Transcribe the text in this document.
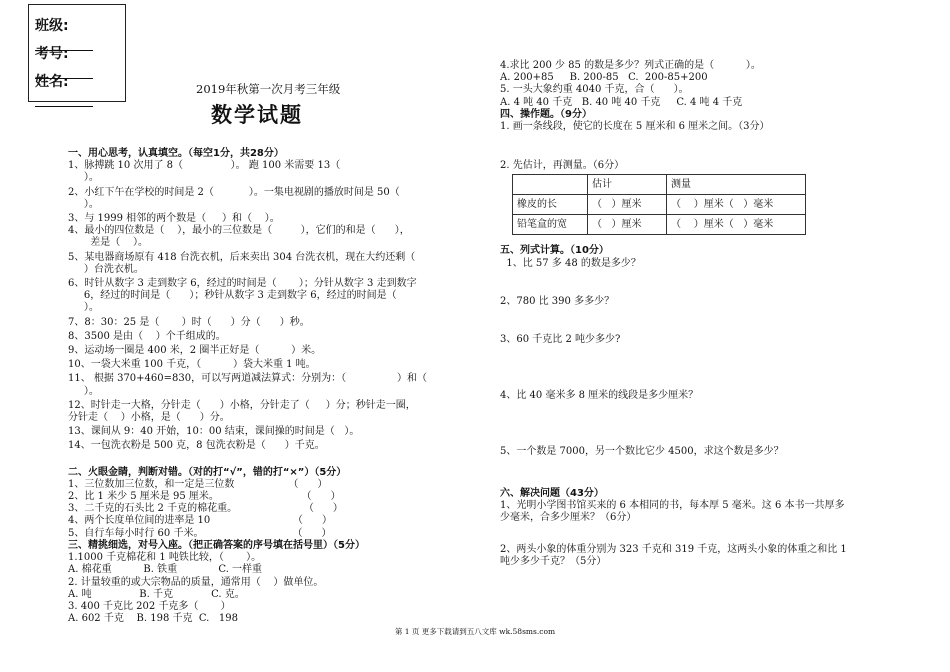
班级:
考号:
姓名:	2019年秋第一次月考三年级
数学试题

一、用心思考，认真填空。（每空1分，共28分）

1、脉搏跳 10 次用了 8（               ）。 跑 100 米需要 13（

）。

2、小红下午在学校的时间是 2（           ）。一集电视剧的播放时间是 50（

）。

3、与 1999 相邻的两个数是（     ）和（    ）。

4、最小的四位数是（    ），最小的三位数是（         ），它们的和是（      ），

差是（    ）。

5、某电器商场原有 418 台洗衣机，后来卖出 304 台洗衣机，现在大约还剩（

）台洗衣机。

6、时针从数字 3 走到数字 6，经过的时间是（       ）；分针从数字 3 走到数字

6，经过的时间是（      ）；秒针从数字 3 走到数字 6，经过的时间是（

）。

7、8：30：25 是（       ）时（      ）分（      ）秒。

8、3500 是由（    ）个千组成的。

9、运动场一圈是 400 米，2 圈半正好是（          ）米。

10、一袋大米重 100 千克，（          ）袋大米重 1 吨。

11、 根据 370+460=830，可以写两道减法算式：分别为：（                ）和（

）。

12、时针走一大格，分针走（      ）小格，分针走了（     ）分；秒针走一圈，

分针走（    ）小格，是（      ）分。

13、课间从 9：40 开始，10：00 结束，课间操的时间是（   ）。

14、一包洗衣粉是 500 克，8 包洗衣粉是（      ）千克。

二、火眼金睛，判断对错。（对的打“√”，错的打“×”）（5分）

1、三位数加三位数，和一定是三位数                 （      ）

2、比 1 米少 5 厘米是 95 厘米。                          （      ）

3、二千克的石头比 2 千克的棉花重。                     （      ）

4、两个长度单位间的进率是 10                          （      ）

5、自行车每小时行 60 千米。                            （      ）

三、精挑细选，对号入座。（把正确答案的序号填在括号里）（5分）

1.1000 千克棉花和 1 吨铁比较，（       ）。

A. 棉花重          B. 铁重             C. 一样重

2. 计量较重的或大宗物品的质量，通常用（    ）做单位。

A. 吨               B. 千克            C. 克。

3. 400 千克比 202 千克多（       ）

A. 602 千克    B. 198 千克  C.   198

4.求比 200 少 85 的数是多少？列式正确的是（          ）。

A. 200+85     B. 200-85   C.  200-85+200

5. 一头大象约重 4040 千克，合（      ）。

A. 4 吨 40 千克   B. 40 吨 40 千克     C. 4 吨 4 千克

四、操作题。（9分）

1. 画一条线段，使它的长度在 5 厘米和 6 厘米之间。（3分）

2. 先估计，再测量。（6分）

	估计	测量
橡皮的长	（   ）厘米	（    ）厘米（   ）毫米
铅笔盒的宽	（   ）厘米	（    ）厘米（   ）毫米

五、列式计算。（10分）

1、比 57 多 48 的数是多少？

2、780 比 390 多多少？

3、60 千克比 2 吨少多少?

4、比 40 毫米多 8 厘米的线段是多少厘米？

5、一个数是 7000，另一个数比它少 4500，求这个数是多少？

六、解决问题（43分）

1、光明小学图书馆买来的 6 本相同的书，每本厚 5 毫米。这 6 本书一共厚多

少毫米，合多少厘米？（6分）

2、两头小象的体重分别为 323 千克和 319 千克，这两头小象的体重之和比 1

吨少多少千克？（5分）

第 1 页 更多下载请到五八文库 wk.58sms.com
